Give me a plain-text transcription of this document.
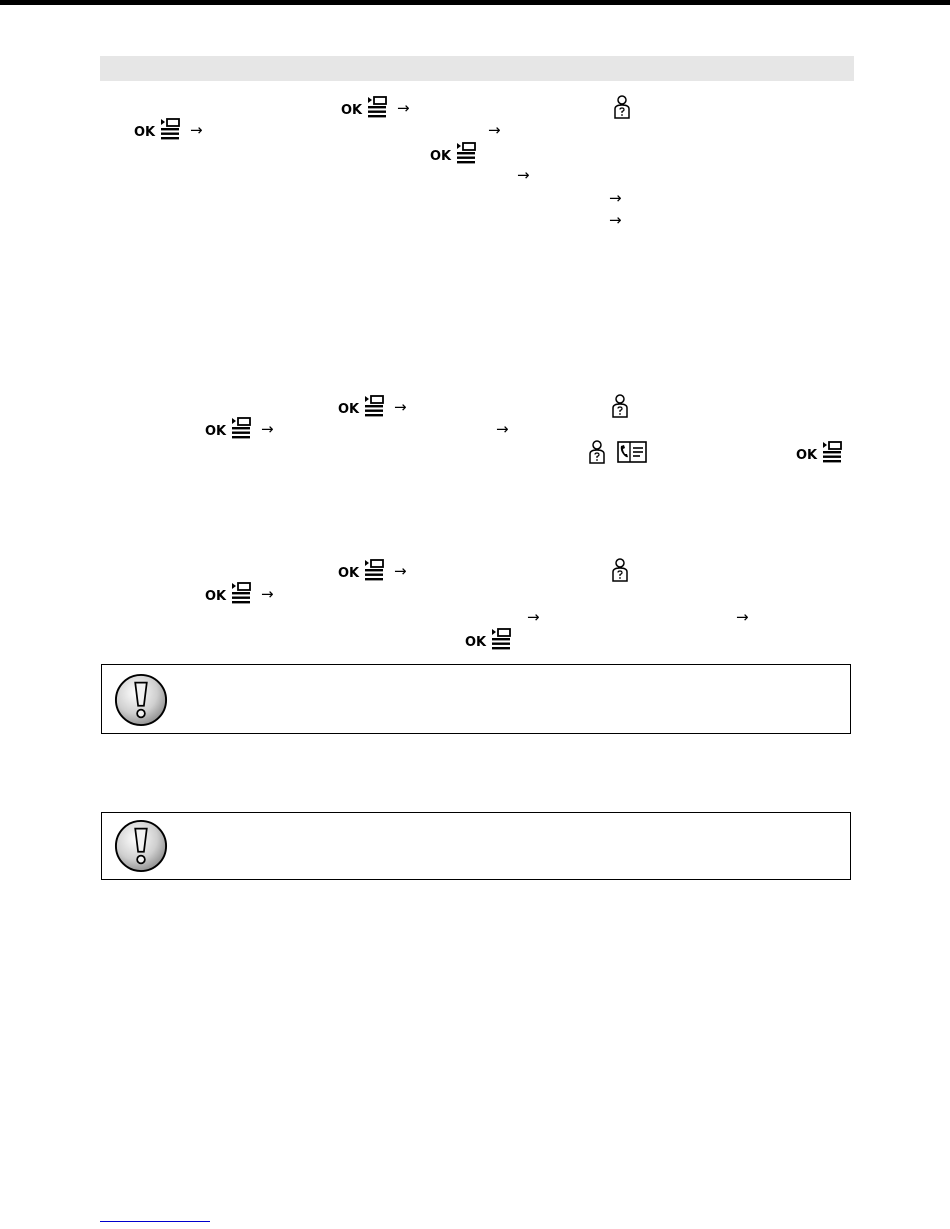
OK →
OK →	→
OK
→
→
→
OK →
OK →	→
OK
OK →
OK →
→	→
OK
